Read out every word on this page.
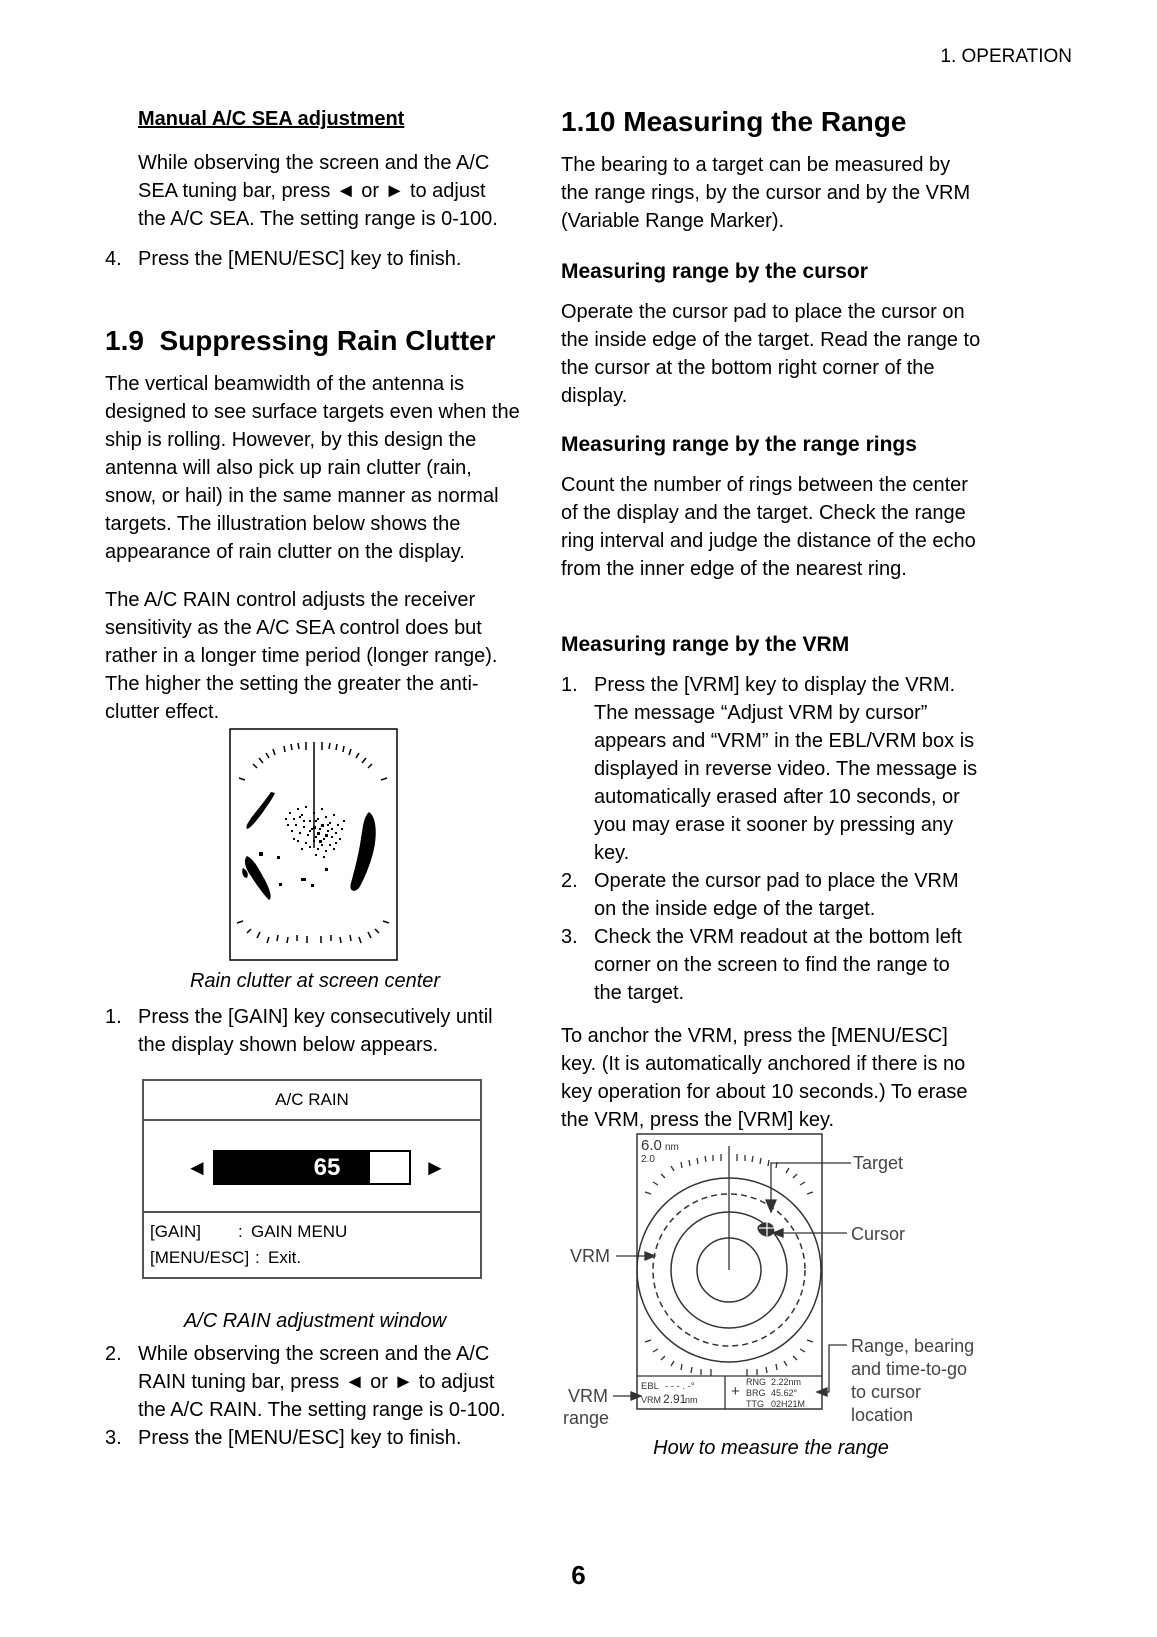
1. OPERATION
Manual A/C SEA adjustment
While observing the screen and the A/C SEA tuning bar, press ◄ or ► to adjust the A/C SEA. The setting range is 0-100.
4. Press the [MENU/ESC] key to finish.
1.9  Suppressing Rain Clutter
The vertical beamwidth of the antenna is designed to see surface targets even when the ship is rolling. However, by this design the antenna will also pick up rain clutter (rain, snow, or hail) in the same manner as normal targets. The illustration below shows the appearance of rain clutter on the display.
The A/C RAIN control adjusts the receiver sensitivity as the A/C SEA control does but rather in a longer time period (longer range). The higher the setting the greater the anti-clutter effect.
Rain clutter at screen center
1. Press the [GAIN] key consecutively until the display shown below appears.
A/C RAIN
◄	65	►
[GAIN] : GAIN MENU
[MENU/ESC] : Exit.
A/C RAIN adjustment window
2. While observing the screen and the A/C RAIN tuning bar, press ◄ or ► to adjust the A/C RAIN. The setting range is 0-100.
3. Press the [MENU/ESC] key to finish.
1.10 Measuring the Range
The bearing to a target can be measured by the range rings, by the cursor and by the VRM (Variable Range Marker).
Measuring range by the cursor
Operate the cursor pad to place the cursor on the inside edge of the target. Read the range to the cursor at the bottom right corner of the display.
Measuring range by the range rings
Count the number of rings between the center of the display and the target. Check the range ring interval and judge the distance of the echo from the inner edge of the nearest ring.
Measuring range by the VRM
1. Press the [VRM] key to display the VRM. The message “Adjust VRM by cursor” appears and “VRM” in the EBL/VRM box is displayed in reverse video. The message is automatically erased after 10 seconds, or you may erase it sooner by pressing any key.
2. Operate the cursor pad to place the VRM on the inside edge of the target.
3. Check the VRM readout at the bottom left corner on the screen to find the range to the target.
To anchor the VRM, press the [MENU/ESC] key. (It is automatically anchored if there is no key operation for about 10 seconds.) To erase the VRM, press the [VRM] key.
6.0 nm
2.0
EBL - - - . -°
VRM 2.91
nm +
RNG 2.22nm
BRG 45.62°
TTG 02H21M
Target
Cursor
VRM
VRM
range
Range, bearing
and time-to-go
to cursor
location
How to measure the range
6
